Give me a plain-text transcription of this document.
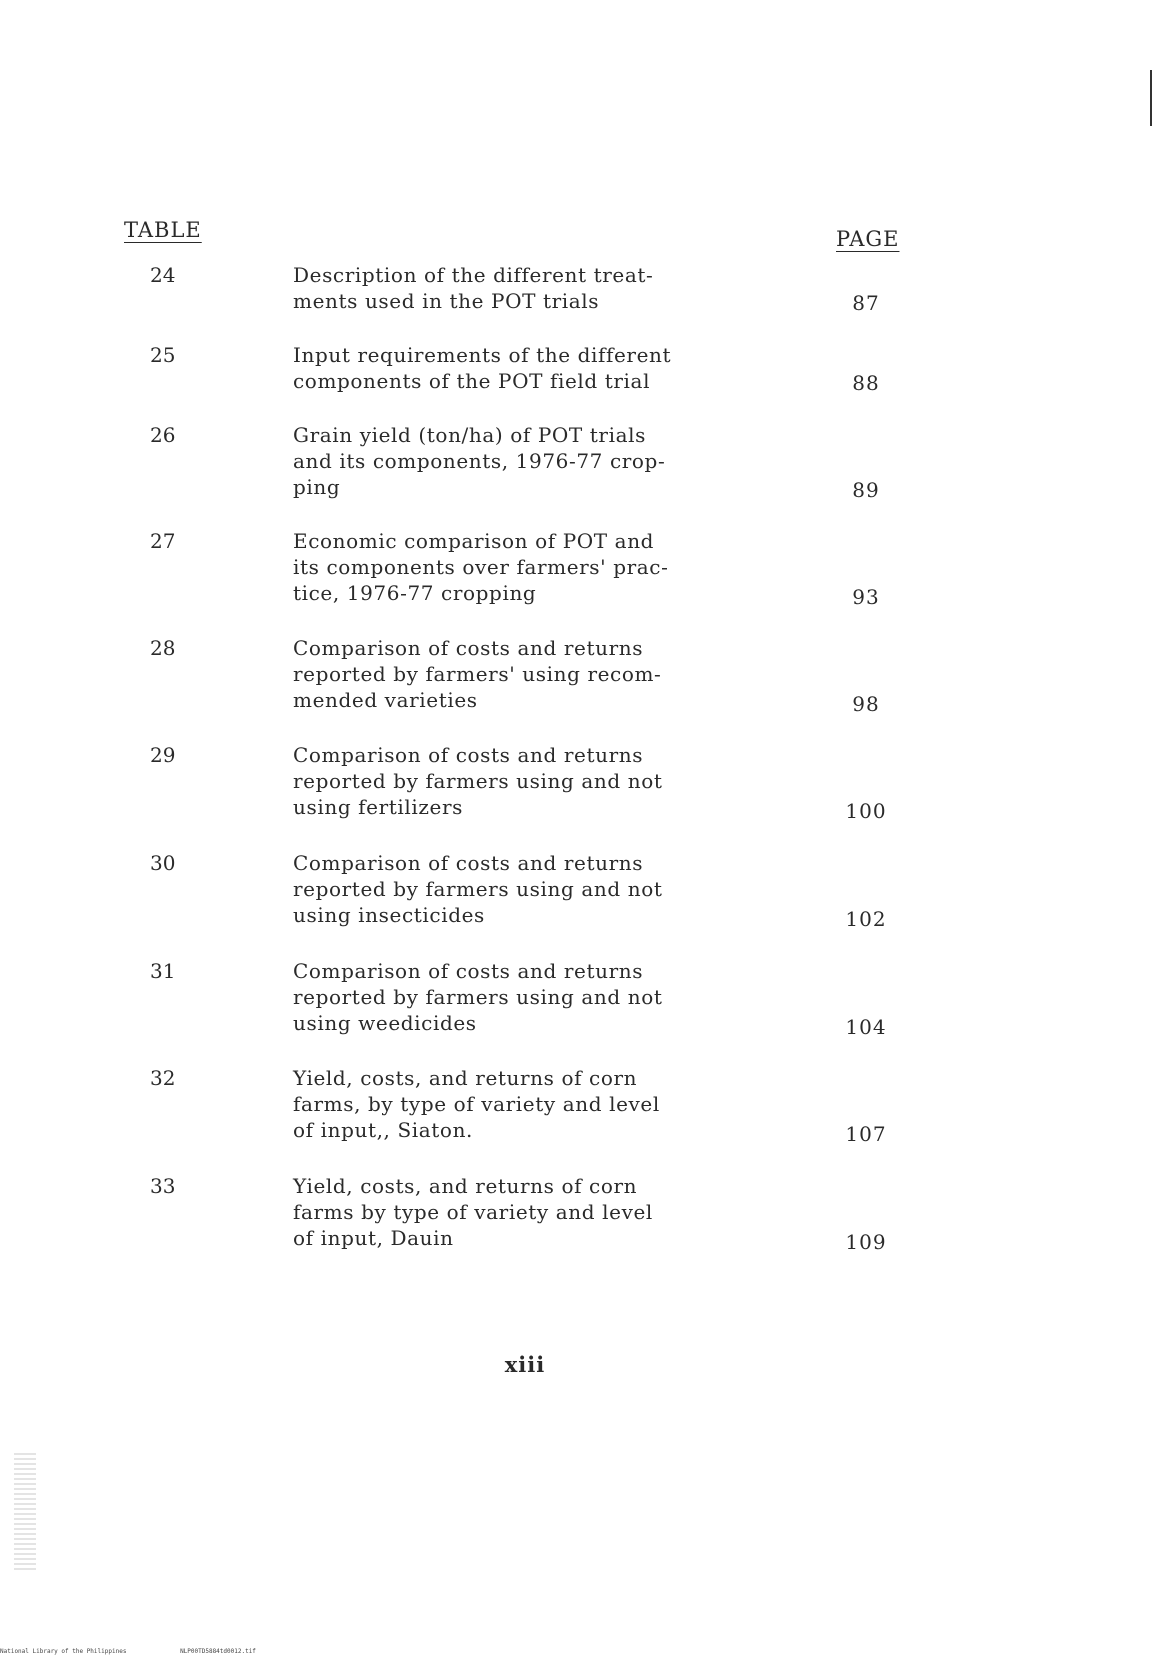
TABLE	PAGE
24	Description of the different treat-
ments used in the POT trials	87
25	Input requirements of the different
components of the POT field trial	88
26	Grain yield (ton/ha) of POT trials
and its components, 1976-77 crop-
ping	89
27	Economic comparison of POT and
its components over farmers' prac-
tice, 1976-77 cropping	93
28	Comparison of costs and returns
reported by farmers' using recom-
mended varieties	98
29	Comparison of costs and returns
reported by farmers using and not
using fertilizers	100
30	Comparison of costs and returns
reported by farmers using and not
using insecticides	102
31	Comparison of costs and returns
reported by farmers using and not
using weedicides	104
32	Yield, costs, and returns of corn
farms, by type of variety and level
of input,, Siaton.	107
33	Yield, costs, and returns of corn
farms by type of variety and level
of input, Dauin	109
xiii
National Library of the Philippines	NLP00TD5884td0012.tif
